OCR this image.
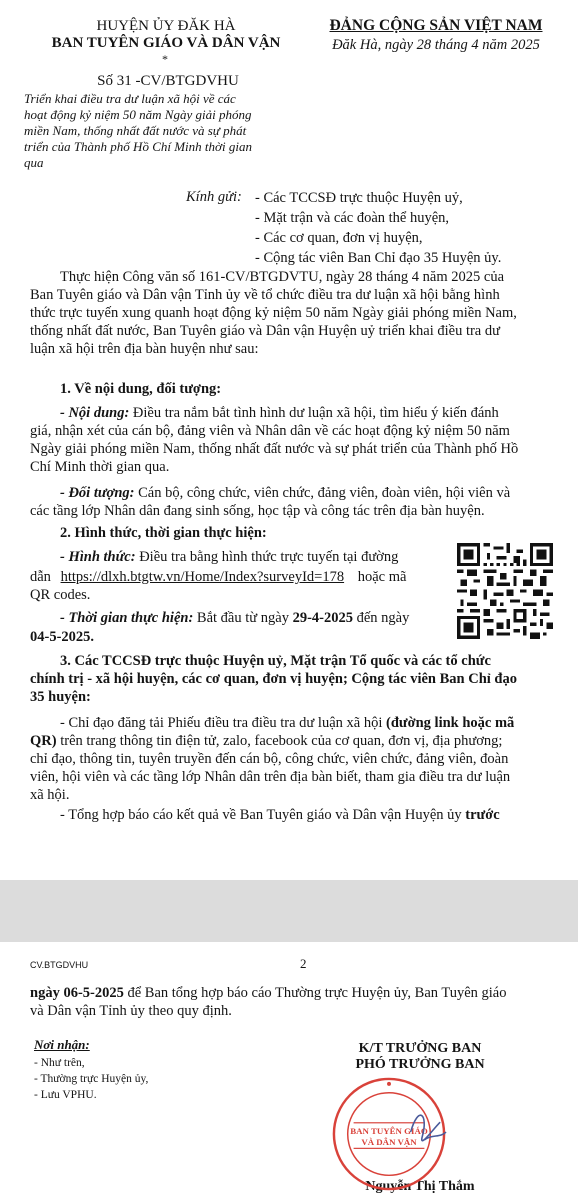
HUYỆN ỦY ĐĂK HÀ
BAN TUYÊN GIÁO VÀ DÂN VẬN
*
Số 31 -CV/BTGDVHU
Triển khai điều tra dư luận xã hội về các
hoạt động kỷ niệm 50 năm Ngày giải phóng
miền Nam, thống nhất đất nước và sự phát
triển của Thành phố Hồ Chí Minh thời gian
qua
ĐẢNG CỘNG SẢN VIỆT NAM
Đăk Hà, ngày 28 tháng 4 năm 2025
Kính gửi: - Các TCCSĐ trực thuộc Huyện uỷ,
- Mặt trận và các đoàn thể huyện,
- Các cơ quan, đơn vị huyện,
- Cộng tác viên Ban Chỉ đạo 35 Huyện ủy.
Thực hiện Công văn số 161-CV/BTGDVTU, ngày 28 tháng 4 năm 2025 của
Ban Tuyên giáo và Dân vận Tỉnh ủy về tổ chức điều tra dư luận xã hội bằng hình
thức trực tuyến xung quanh hoạt động kỷ niệm 50 năm Ngày giải phóng miền Nam,
thống nhất đất nước, Ban Tuyên giáo và Dân vận Huyện uỷ triển khai điều tra dư
luận xã hội trên địa bàn huyện như sau:
1. Về nội dung, đối tượng:
- Nội dung: Điều tra nắm bắt tình hình dư luận xã hội, tìm hiểu ý kiến đánh
giá, nhận xét của cán bộ, đảng viên và Nhân dân về các hoạt động kỷ niệm 50 năm
Ngày giải phóng miền Nam, thống nhất đất nước và sự phát triển của Thành phố Hồ
Chí Minh thời gian qua.
- Đối tượng: Cán bộ, công chức, viên chức, đảng viên, đoàn viên, hội viên và
các tầng lớp Nhân dân đang sinh sống, học tập và công tác trên địa bàn huyện.
2. Hình thức, thời gian thực hiện:
- Hình thức: Điều tra bằng hình thức trực tuyến tại đường
dẫn https://dlxh.btgtw.vn/Home/Index?surveyId=178 hoặc mã
QR codes.
- Thời gian thực hiện: Bắt đầu từ ngày 29-4-2025 đến ngày
04-5-2025.
3. Các TCCSĐ trực thuộc Huyện uỷ, Mặt trận Tổ quốc và các tổ chức
chính trị - xã hội huyện, các cơ quan, đơn vị huyện; Cộng tác viên Ban Chỉ đạo
35 huyện:
- Chỉ đạo đăng tải Phiếu điều tra điều tra dư luận xã hội (đường link hoặc mã
QR) trên trang thông tin điện tử, zalo, facebook của cơ quan, đơn vị, địa phương;
chỉ đạo, thông tin, tuyên truyền đến cán bộ, công chức, viên chức, đảng viên, đoàn
viên, hội viên và các tầng lớp Nhân dân trên địa bàn biết, tham gia điều tra dư luận
xã hội.
- Tổng hợp báo cáo kết quả về Ban Tuyên giáo và Dân vận Huyện ủy trước
CV.BTGDVHU	2
ngày 06-5-2025 để Ban tổng hợp báo cáo Thường trực Huyện ủy, Ban Tuyên giáo
và Dân vận Tỉnh ủy theo quy định.
Nơi nhận:
- Như trên,
- Thường trực Huyện ủy,
- Lưu VPHU.
K/T TRƯỞNG BAN
PHÓ TRƯỞNG BAN
Nguyễn Thị Thắm
BAN TUYÊN GIÁO
VÀ DÂN VẬN
